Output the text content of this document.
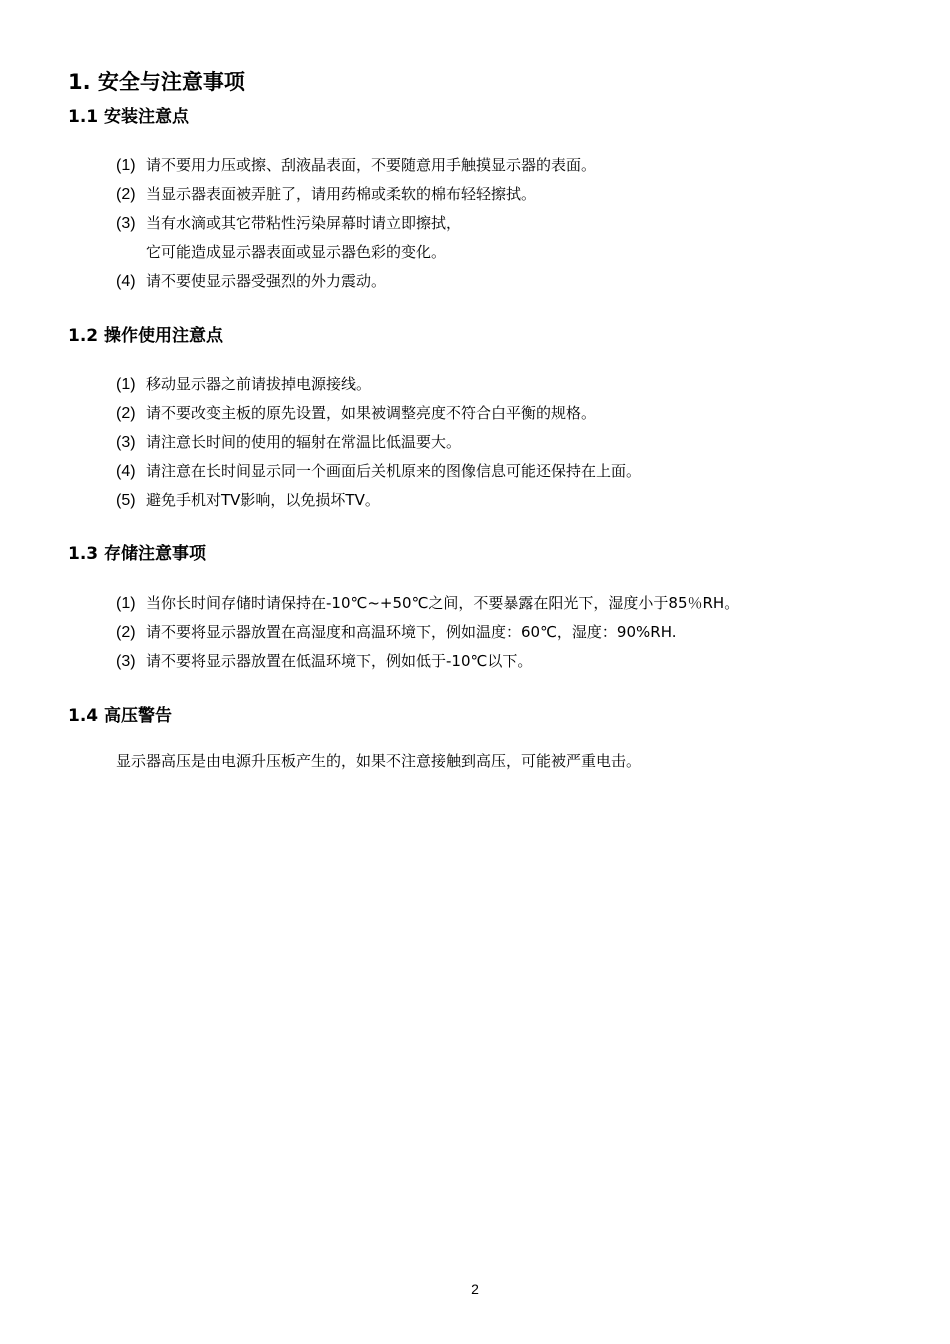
1. 安全与注意事项
1.1 安装注意点
(1) 请不要用力压或擦、刮液晶表面，不要随意用手触摸显示器的表面。
(2) 当显示器表面被弄脏了，请用药棉或柔软的棉布轻轻擦拭。
(3) 当有水滴或其它带粘性污染屏幕时请立即擦拭，
它可能造成显示器表面或显示器色彩的变化。
(4) 请不要使显示器受强烈的外力震动。
1.2 操作使用注意点
(1) 移动显示器之前请拔掉电源接线。
(2) 请不要改变主板的原先设置，如果被调整亮度不符合白平衡的规格。
(3) 请注意长时间的使用的辐射在常温比低温要大。
(4) 请注意在长时间显示同一个画面后关机原来的图像信息可能还保持在上面。
(5) 避免手机对TV影响，以免损坏TV。
1.3 存储注意事项
(1) 当你长时间存储时请保持在-10℃~+50℃之间，不要暴露在阳光下，湿度小于85％RH。
(2) 请不要将显示器放置在高湿度和高温环境下，例如温度：60℃，湿度：90%RH.
(3) 请不要将显示器放置在低温环境下，例如低于-10℃以下。
1.4 高压警告
显示器高压是由电源升压板产生的，如果不注意接触到高压，可能被严重电击。
2
